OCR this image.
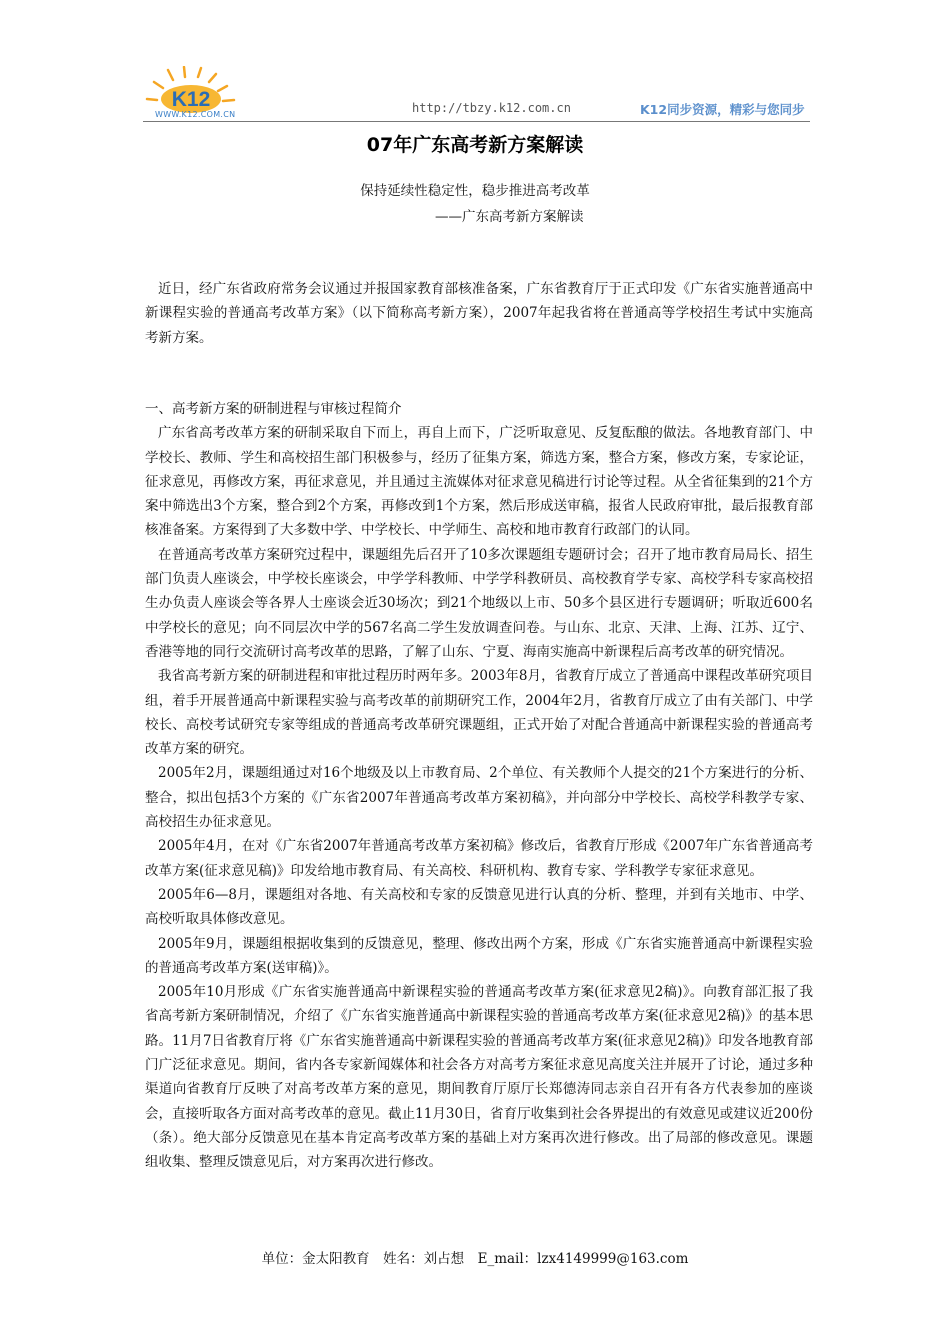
K12
WWW.K12.COM.CN	http://tbzy.k12.com.cn	K12同步资源，精彩与您同步
07年广东高考新方案解读
保持延续性稳定性，稳步推进高考改革
——广东高考新方案解读

近日，经广东省政府常务会议通过并报国家教育部核准备案，广东省教育厅于正式印发《广东省实施普通高中新课程实验的普通高考改革方案》（以下简称高考新方案），2007年起我省将在普通高等学校招生考试中实施高考新方案。

一、高考新方案的研制进程与审核过程简介

广东省高考改革方案的研制采取自下而上，再自上而下，广泛听取意见、反复酝酿的做法。各地教育部门、中学校长、教师、学生和高校招生部门积极参与，经历了征集方案，筛选方案，整合方案，修改方案，专家论证，征求意见，再修改方案，再征求意见，并且通过主流媒体对征求意见稿进行讨论等过程。从全省征集到的21个方案中筛选出3个方案，整合到2个方案，再修改到1个方案，然后形成送审稿，报省人民政府审批，最后报教育部核准备案。方案得到了大多数中学、中学校长、中学师生、高校和地市教育行政部门的认同。

在普通高考改革方案研究过程中，课题组先后召开了10多次课题组专题研讨会；召开了地市教育局局长、招生部门负责人座谈会，中学校长座谈会，中学学科教师、中学学科教研员、高校教育学专家、高校学科专家高校招生办负责人座谈会等各界人士座谈会近30场次；到21个地级以上市、50多个县区进行专题调研；听取近600名中学校长的意见；向不同层次中学的567名高二学生发放调查问卷。与山东、北京、天津、上海、江苏、辽宁、香港等地的同行交流研讨高考改革的思路，了解了山东、宁夏、海南实施高中新课程后高考改革的研究情况。

我省高考新方案的研制进程和审批过程历时两年多。2003年8月，省教育厅成立了普通高中课程改革研究项目组，着手开展普通高中新课程实验与高考改革的前期研究工作，2004年2月，省教育厅成立了由有关部门、中学校长、高校考试研究专家等组成的普通高考改革研究课题组，正式开始了对配合普通高中新课程实验的普通高考改革方案的研究。

2005年2月，课题组通过对16个地级及以上市教育局、2个单位、有关教师个人提交的21个方案进行的分析、整合，拟出包括3个方案的《广东省2007年普通高考改革方案初稿》，并向部分中学校长、高校学科教学专家、高校招生办征求意见。

2005年4月，在对《广东省2007年普通高考改革方案初稿》修改后，省教育厅形成《2007年广东省普通高考改革方案(征求意见稿)》印发给地市教育局、有关高校、科研机构、教育专家、学科教学专家征求意见。

2005年6—8月，课题组对各地、有关高校和专家的反馈意见进行认真的分析、整理，并到有关地市、中学、高校听取具体修改意见。

2005年9月，课题组根据收集到的反馈意见，整理、修改出两个方案，形成《广东省实施普通高中新课程实验的普通高考改革方案(送审稿)》。

2005年10月形成《广东省实施普通高中新课程实验的普通高考改革方案(征求意见2稿)》。向教育部汇报了我省高考新方案研制情况，介绍了《广东省实施普通高中新课程实验的普通高考改革方案(征求意见2稿)》的基本思路。11月7日省教育厅将《广东省实施普通高中新课程实验的普通高考改革方案(征求意见2稿)》印发各地教育部门广泛征求意见。期间，省内各专家新闻媒体和社会各方对高考方案征求意见高度关注并展开了讨论，通过多种渠道向省教育厅反映了对高考改革方案的意见，期间教育厅原厅长郑德涛同志亲自召开有各方代表参加的座谈会，直接听取各方面对高考改革的意见。截止11月30日，省育厅收集到社会各界提出的有效意见或建议近200份（条）。绝大部分反馈意见在基本肯定高考改革方案的基础上对方案再次进行修改。出了局部的修改意见。课题组收集、整理反馈意见后，对方案再次进行修改。

单位：金太阳教育　姓名：刘占想　E_mail：lzx4149999@163.com
